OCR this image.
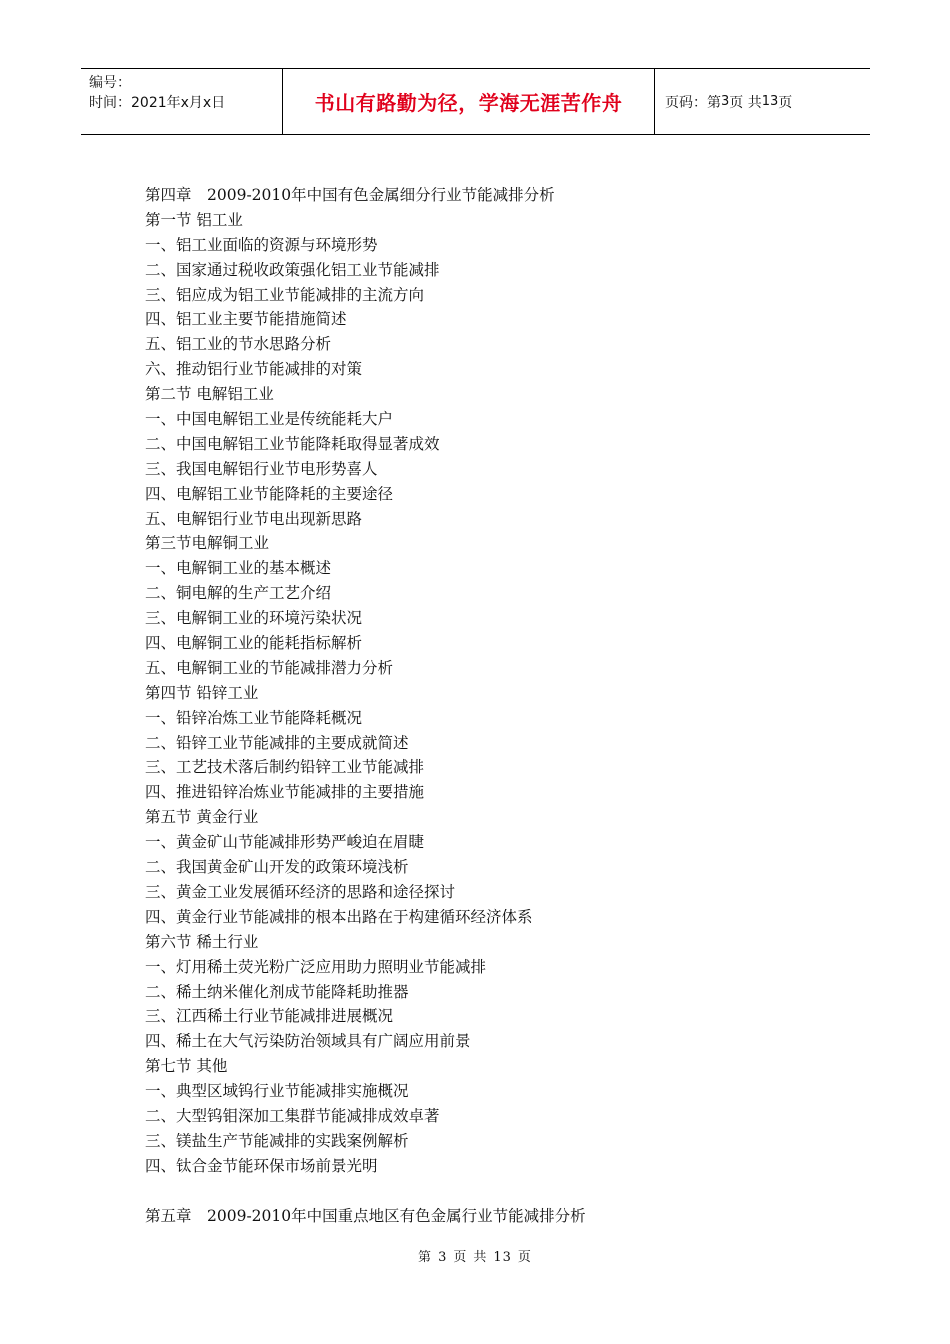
编号：
时间：2021年x月x日	书山有路勤为径，学海无涯苦作舟	页码：第 3 页 共 13 页
第四章　2009-2010年中国有色金属细分行业节能减排分析
第一节 铝工业
一、铝工业面临的资源与环境形势
二、国家通过税收政策强化铝工业节能减排
三、铝应成为铝工业节能减排的主流方向
四、铝工业主要节能措施简述
五、铝工业的节水思路分析
六、推动铝行业节能减排的对策
第二节 电解铝工业
一、中国电解铝工业是传统能耗大户
二、中国电解铝工业节能降耗取得显著成效
三、我国电解铝行业节电形势喜人
四、电解铝工业节能降耗的主要途径
五、电解铝行业节电出现新思路
第三节电解铜工业
一、电解铜工业的基本概述
二、铜电解的生产工艺介绍
三、电解铜工业的环境污染状况
四、电解铜工业的能耗指标解析
五、电解铜工业的节能减排潜力分析
第四节 铅锌工业
一、铅锌冶炼工业节能降耗概况
二、铅锌工业节能减排的主要成就简述
三、工艺技术落后制约铅锌工业节能减排
四、推进铅锌冶炼业节能减排的主要措施
第五节 黄金行业
一、黄金矿山节能减排形势严峻迫在眉睫
二、我国黄金矿山开发的政策环境浅析
三、黄金工业发展循环经济的思路和途径探讨
四、黄金行业节能减排的根本出路在于构建循环经济体系
第六节 稀土行业
一、灯用稀土荧光粉广泛应用助力照明业节能减排
二、稀土纳米催化剂成节能降耗助推器
三、江西稀土行业节能减排进展概况
四、稀土在大气污染防治领域具有广阔应用前景
第七节 其他
一、典型区域钨行业节能减排实施概况
二、大型钨钼深加工集群节能减排成效卓著
三、镁盐生产节能减排的实践案例解析
四、钛合金节能环保市场前景光明
第五章　2009-2010年中国重点地区有色金属行业节能减排分析
第 3 页 共 13 页
